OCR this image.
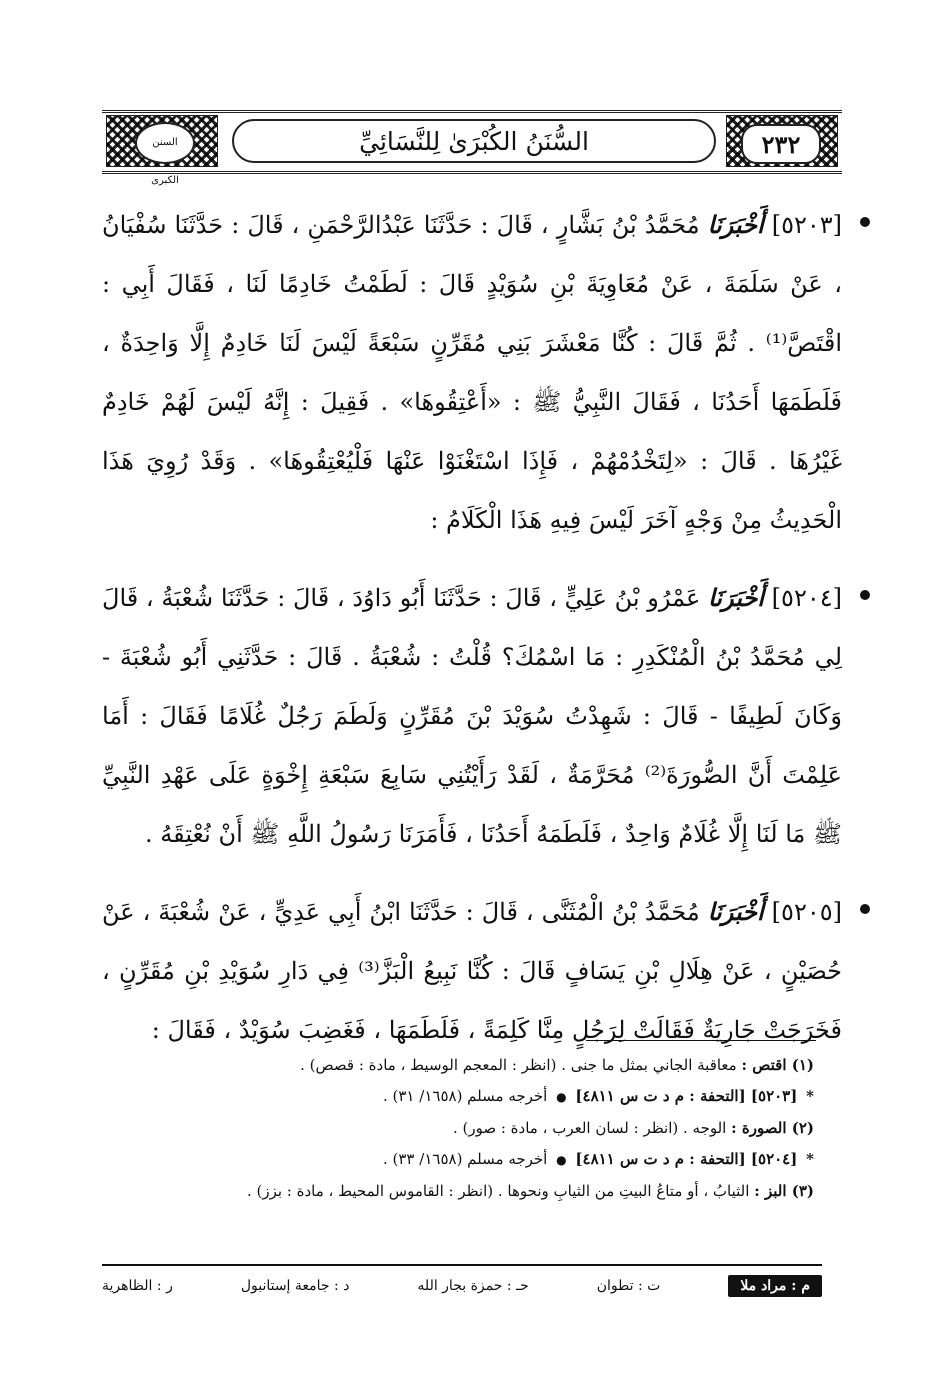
السنن الكبرى
السُّنَنُ الكُبْرَىٰ لِلنَّسَائِيِّ	٢٣٢
[٥٢٠٣] أَخْبَرَنَا مُحَمَّدُ بْنُ بَشَّارٍ ، قَالَ : حَدَّثَنَا عَبْدُالرَّحْمَنِ ، قَالَ : حَدَّثَنَا سُفْيَانُ ، عَنْ سَلَمَةَ ، عَنْ مُعَاوِيَةَ بْنِ سُوَيْدٍ قَالَ : لَطَمْتُ خَادِمًا لَنَا ، فَقَالَ أَبِي : اقْتَصَّ⁽¹⁾ . ثُمَّ قَالَ : كُنَّا مَعْشَرَ بَنِي مُقَرِّنٍ سَبْعَةً لَيْسَ لَنَا خَادِمٌ إِلَّا وَاحِدَةٌ ، فَلَطَمَهَا أَحَدُنَا ، فَقَالَ النَّبِيُّ ﷺ : «أَعْتِقُوهَا» . فَقِيلَ : إِنَّهُ لَيْسَ لَهُمْ خَادِمٌ غَيْرُهَا . قَالَ : «لِتَخْدُمْهُمْ ، فَإِذَا اسْتَغْنَوْا عَنْهَا فَلْيُعْتِقُوهَا» . وَقَدْ رُوِيَ هَذَا الْحَدِيثُ مِنْ وَجْهٍ آخَرَ لَيْسَ فِيهِ هَذَا الْكَلَامُ :
[٥٢٠٤] أَخْبَرَنَا عَمْرُو بْنُ عَلِيٍّ ، قَالَ : حَدَّثَنَا أَبُو دَاوُدَ ، قَالَ : حَدَّثَنَا شُعْبَةُ ، قَالَ لِي مُحَمَّدُ بْنُ الْمُنْكَدِرِ : مَا اسْمُكَ؟ قُلْتُ : شُعْبَةُ . قَالَ : حَدَّثَنِي أَبُو شُعْبَةَ - وَكَانَ لَطِيفًا - قَالَ : شَهِدْتُ سُوَيْدَ بْنَ مُقَرِّنٍ وَلَطَمَ رَجُلٌ غُلَامًا فَقَالَ : أَمَا عَلِمْتَ أَنَّ الصُّورَةَ⁽²⁾ مُحَرَّمَةٌ ، لَقَدْ رَأَيْتُنِي سَابِعَ سَبْعَةِ إِخْوَةٍ عَلَى عَهْدِ النَّبِيِّ ﷺ مَا لَنَا إِلَّا غُلَامٌ وَاحِدٌ ، فَلَطَمَهُ أَحَدُنَا ، فَأَمَرَنَا رَسُولُ اللَّهِ ﷺ أَنْ نُعْتِقَهُ .
[٥٢٠٥] أَخْبَرَنَا مُحَمَّدُ بْنُ الْمُثَنَّى ، قَالَ : حَدَّثَنَا ابْنُ أَبِي عَدِيٍّ ، عَنْ شُعْبَةَ ، عَنْ حُصَيْنٍ ، عَنْ هِلَالِ بْنِ يَسَافٍ قَالَ : كُنَّا نَبِيعُ الْبَزَّ⁽³⁾ فِي دَارِ سُوَيْدِ بْنِ مُقَرِّنٍ ، فَخَرَجَتْ جَارِيَةٌ فَقَالَتْ لِرَجُلٍ مِنَّا كَلِمَةً ، فَلَطَمَهَا ، فَغَضِبَ سُوَيْدٌ ، فَقَالَ :
(١) اقتص : معاقبة الجاني بمثل ما جنى . (انظر : المعجم الوسيط ، مادة : قصص) .
* [٥٢٠٣] [التحفة : م د ت س ٤٨١١] ● أخرجه مسلم (١٦٥٨/ ٣١) .
(٢) الصورة : الوجه . (انظر : لسان العرب ، مادة : صور) .
* [٥٢٠٤] [التحفة : م د ت س ٤٨١١] ● أخرجه مسلم (١٦٥٨/ ٣٣) .
(٣) البز : الثيابُ ، أو متاعُ البيتِ من الثيابِ ونحوها . (انظر : القاموس المحيط ، مادة : بزز) .
م : مراد ملا
ت : تطوان
حـ : حمزة بجار الله
د : جامعة إستانبول
ر : الظاهرية
